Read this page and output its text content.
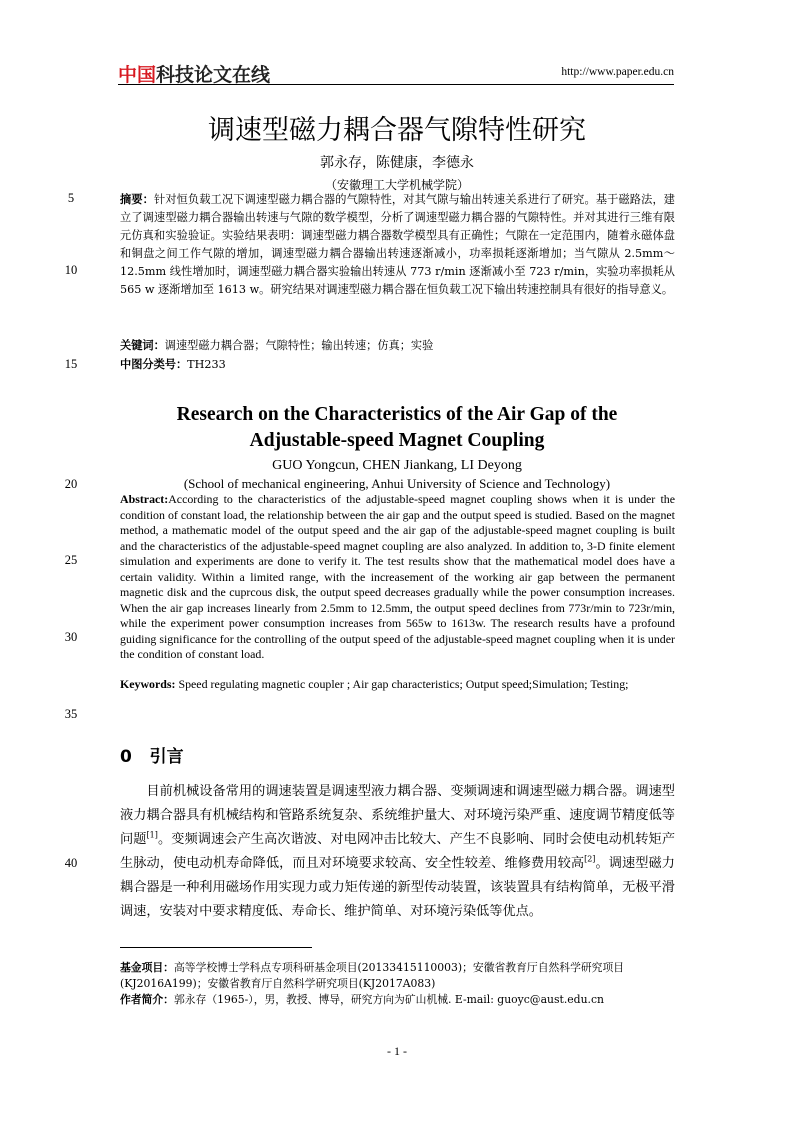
中国科技论文在线	http://www.paper.edu.cn
调速型磁力耦合器气隙特性研究
郭永存，陈健康，李德永
（安徽理工大学机械学院）
5
10
15
20
25
30
35
40
摘要：针对恒负载工况下调速型磁力耦合器的气隙特性，对其气隙与输出转速关系进行了研究。基于磁路法，建立了调速型磁力耦合器输出转速与气隙的数学模型，分析了调速型磁力耦合器的气隙特性。并对其进行三维有限元仿真和实验验证。实验结果表明：调速型磁力耦合器数学模型具有正确性；气隙在一定范围内，随着永磁体盘和铜盘之间工作气隙的增加，调速型磁力耦合器输出转速逐渐减小，功率损耗逐渐增加；当气隙从 2.5mm～12.5mm 线性增加时，调速型磁力耦合器实验输出转速从 773 r/min 逐渐减小至 723 r/min，实验功率损耗从 565 w 逐渐增加至 1613 w。研究结果对调速型磁力耦合器在恒负载工况下输出转速控制具有很好的指导意义。
关键词：调速型磁力耦合器；气隙特性；输出转速；仿真；实验
中图分类号：TH233
Research on the Characteristics of the Air Gap of the
Adjustable-speed Magnet Coupling
GUO Yongcun, CHEN Jiankang, LI Deyong
(School of mechanical engineering, Anhui University of Science and Technology)
Abstract:According to the characteristics of the adjustable-speed magnet coupling shows when it is under the condition of constant load, the relationship between the air gap and the output speed is studied. Based on the magnet method, a mathematic model of the output speed and the air gap of the adjustable-speed magnet coupling is built and the characteristics of the adjustable-speed magnet coupling are also analyzed. In addition to, 3-D finite element simulation and experiments are done to verify it. The test results show that the mathematical model does have a certain validity. Within a limited range, with the increasement of the working air gap between the permanent magnetic disk and the cuprcous disk, the output speed decreases gradually while the power consumption increases. When the air gap increases linearly from 2.5mm to 12.5mm, the output speed declines from 773r/min to 723r/min, while the experiment power consumption increases from 565w to 1613w. The research results have a profound guiding significance for the controlling of the output speed of the adjustable-speed magnet coupling when it is under the condition of constant load.
Keywords: Speed regulating magnetic coupler ; Air gap characteristics; Output speed;Simulation; Testing;
0 引言
目前机械设备常用的调速装置是调速型液力耦合器、变频调速和调速型磁力耦合器。调速型液力耦合器具有机械结构和管路系统复杂、系统维护量大、对环境污染严重、速度调节精度低等问题[1]。变频调速会产生高次谐波、对电网冲击比较大、产生不良影响、同时会使电动机转矩产生脉动，使电动机寿命降低，而且对环境要求较高、安全性较差、维修费用较高[2]。调速型磁力耦合器是一种利用磁场作用实现力或力矩传递的新型传动装置，该装置具有结构简单，无极平滑调速，安装对中要求精度低、寿命长、维护简单、对环境污染低等优点。
基金项目：高等学校博士学科点专项科研基金项目(20133415110003)；安徽省教育厅自然科学研究项目(KJ2016A199)；安徽省教育厅自然科学研究项目(KJ2017A083)
作者简介：郭永存（1965-），男，教授、博导，研究方向为矿山机械. E-mail: guoyc@aust.edu.cn
- 1 -
